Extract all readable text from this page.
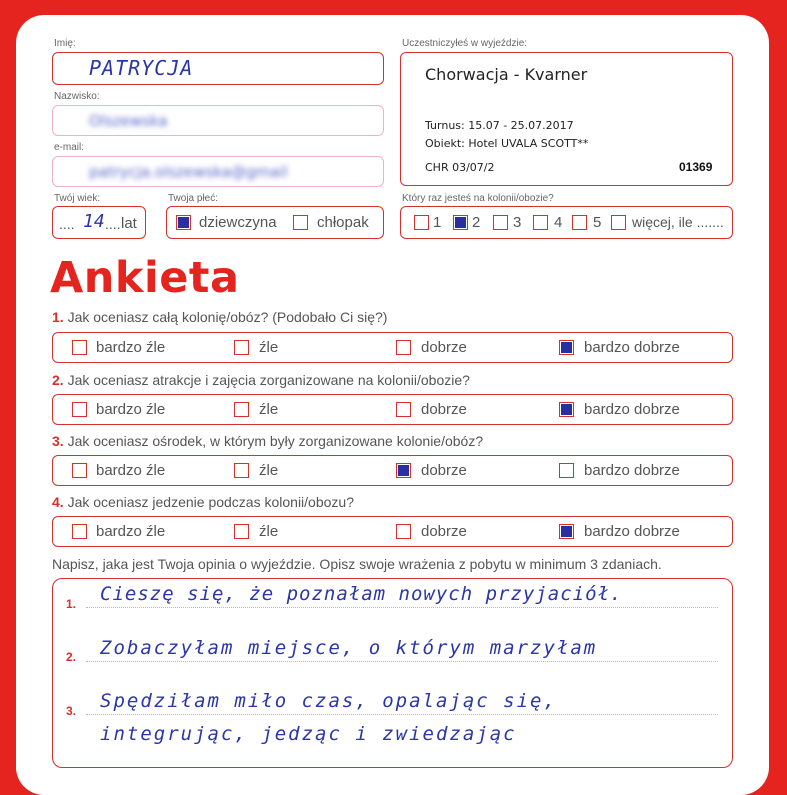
Imię:
PATRYCJA
Nazwisko:
Olszewska
e-mail:
patrycja.olszewska@gmail
Twój wiek:
.... 14 .... lat
Twoja płeć:
dziewczyna	chłopak
Uczestniczyłeś w wyjeździe:
Chorwacja - Kvarner
Turnus: 15.07 - 25.07.2017
Obiekt: Hotel UVALA SCOTT**
CHR 03/07/2	01369
Który raz jesteś na kolonii/obozie?
1 2 3 4 5 więcej, ile .......
Ankieta
1. Jak oceniasz całą kolonię/obóz? (Podobało Ci się?)
bardzo źle	źle	dobrze	bardzo dobrze
2. Jak oceniasz atrakcje i zajęcia zorganizowane na kolonii/obozie?
bardzo źle	źle	dobrze	bardzo dobrze
3. Jak oceniasz ośrodek, w którym były zorganizowane kolonie/obóz?
bardzo źle	źle	dobrze	bardzo dobrze
4. Jak oceniasz jedzenie podczas kolonii/obozu?
bardzo źle	źle	dobrze	bardzo dobrze
Napisz, jaka jest Twoja opinia o wyjeździe. Opisz swoje wrażenia z pobytu w minimum 3 zdaniach.
1. Cieszę się, że poznałam nowych przyjaciół.
2. Zobaczyłam miejsce, o którym marzyłam
3. Spędziłam miło czas, opalając się,
integrując, jedząc i zwiedzając
